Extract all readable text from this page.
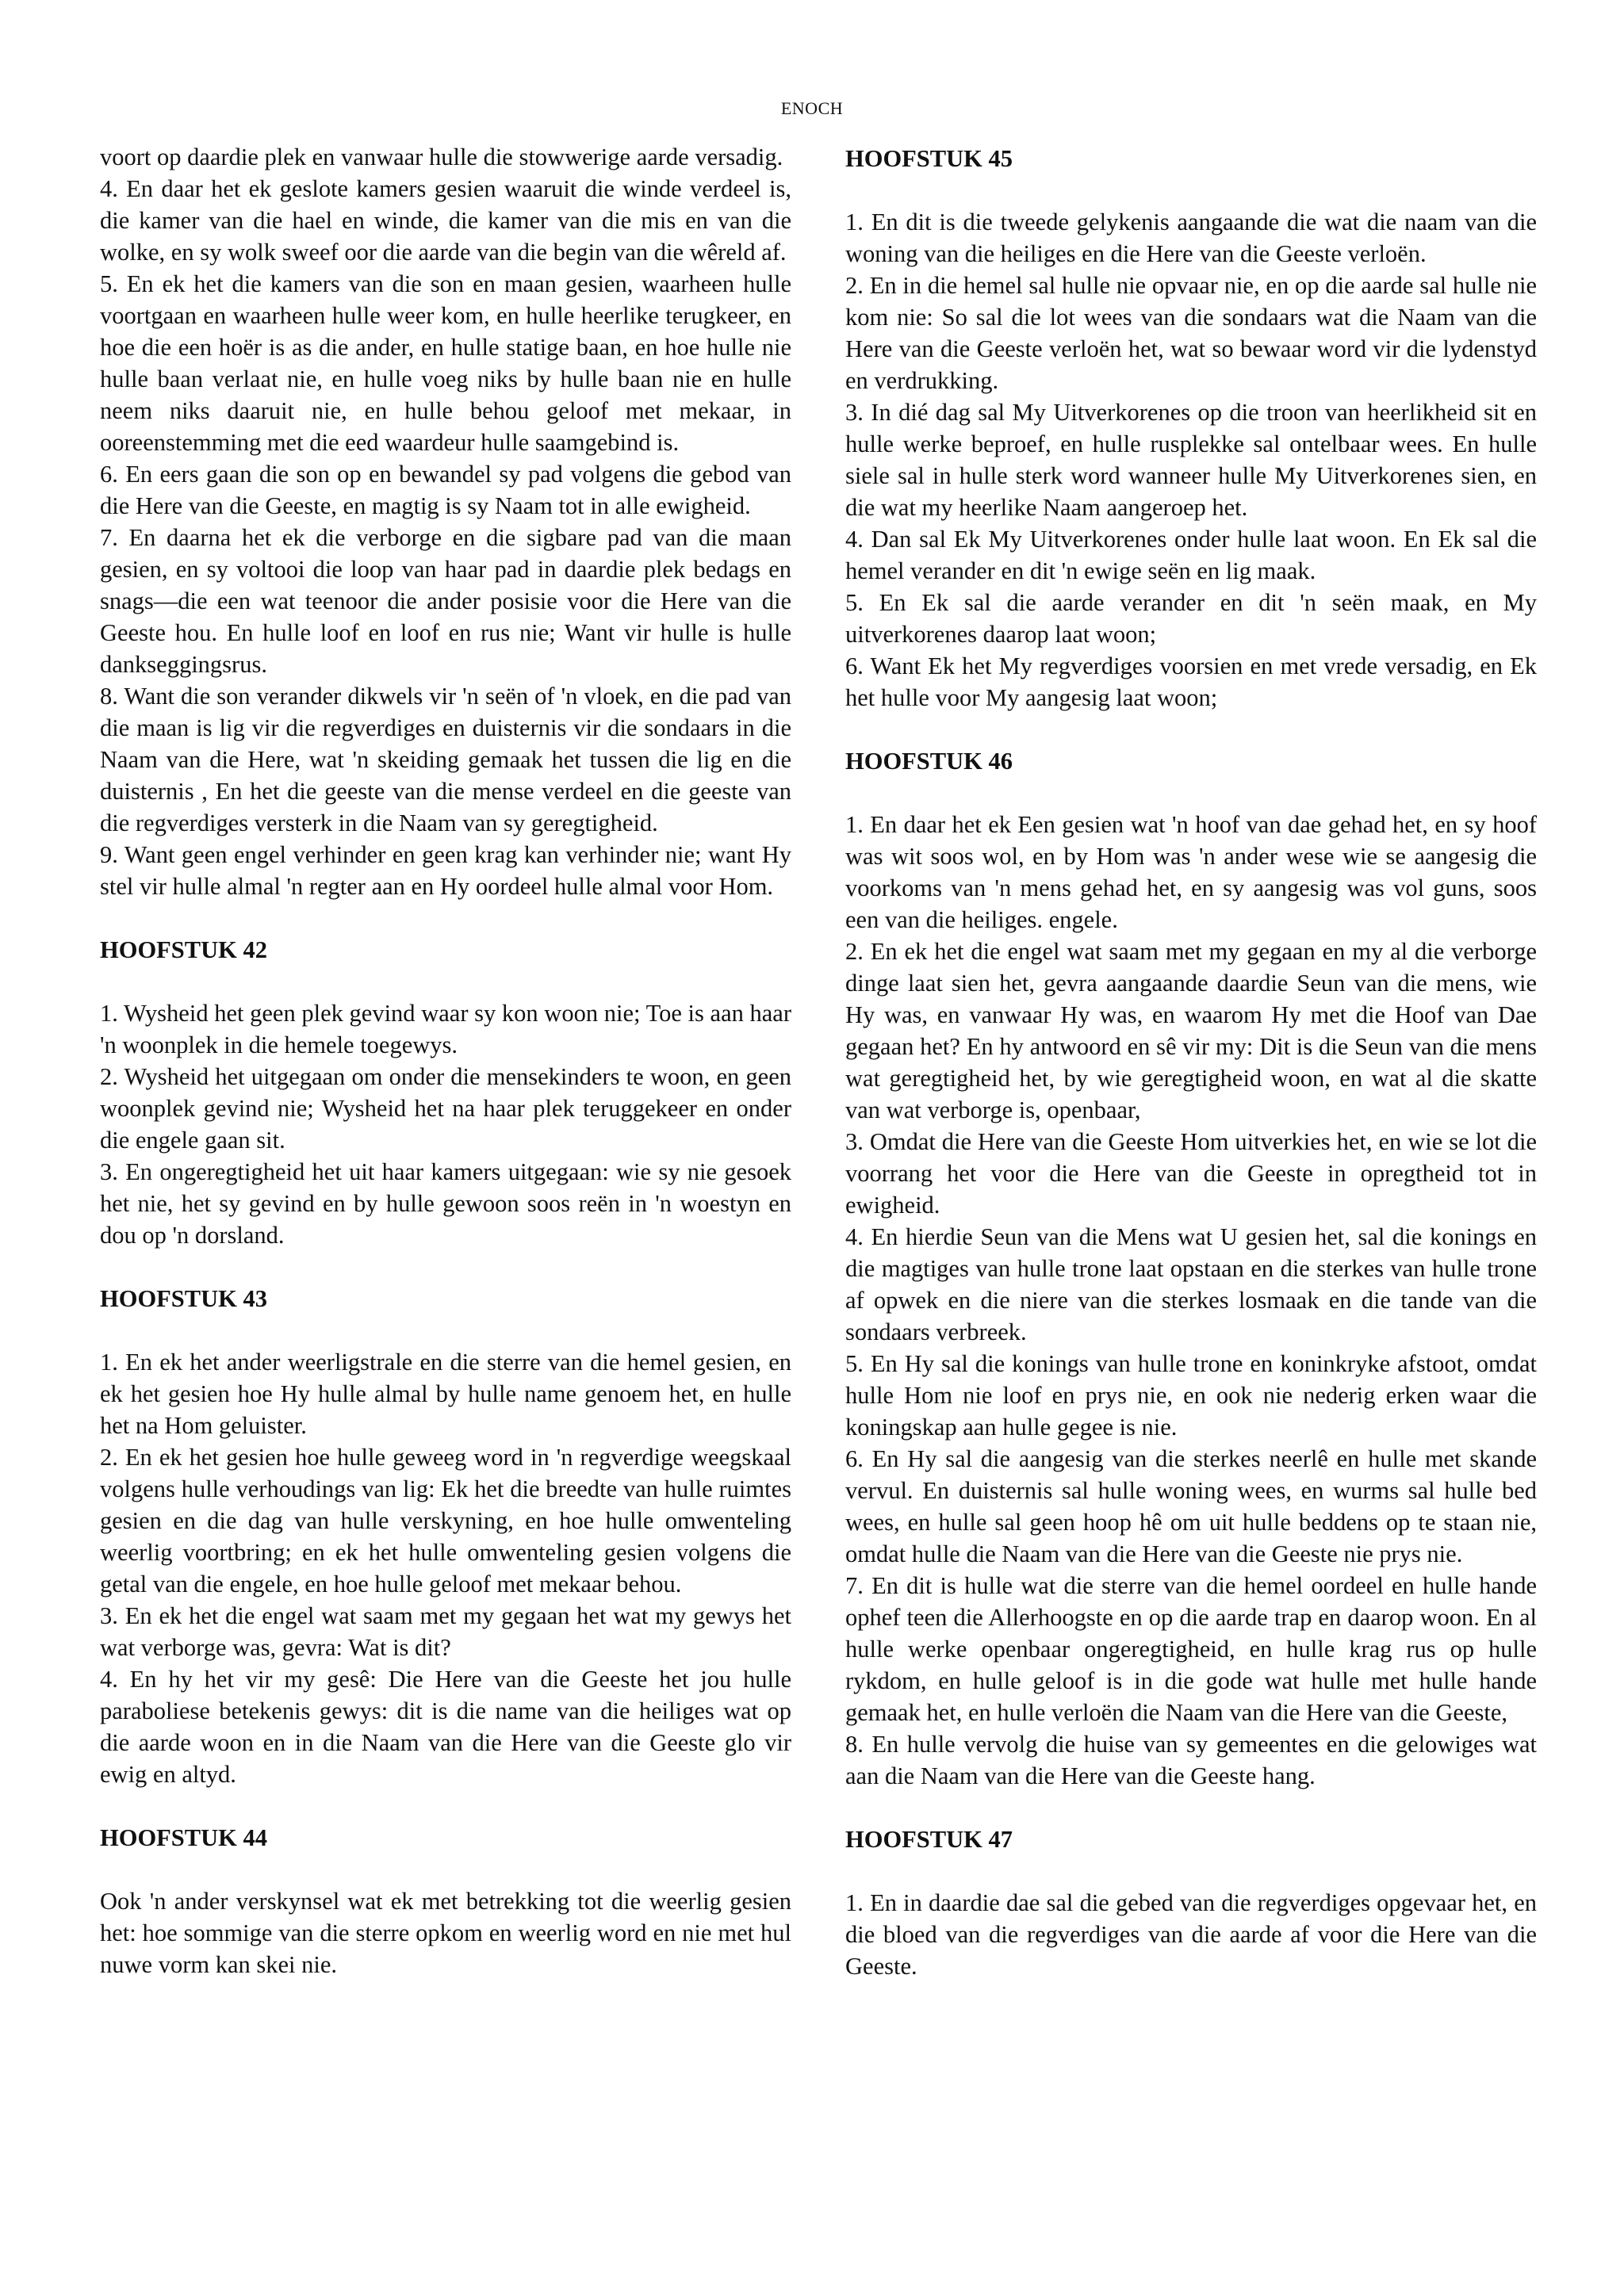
ENOCH

voort op daardie plek en vanwaar hulle die stowwerige aarde versadig.

4. En daar het ek geslote kamers gesien waaruit die winde verdeel is, die kamer van die hael en winde, die kamer van die mis en van die wolke, en sy wolk sweef oor die aarde van die begin van die wêreld af.

5. En ek het die kamers van die son en maan gesien, waarheen hulle voortgaan en waarheen hulle weer kom, en hulle heerlike terugkeer, en hoe die een hoër is as die ander, en hulle statige baan, en hoe hulle nie hulle baan verlaat nie, en hulle voeg niks by hulle baan nie en hulle neem niks daaruit nie, en hulle behou geloof met mekaar, in ooreenstemming met die eed waardeur hulle saamgebind is.

6. En eers gaan die son op en bewandel sy pad volgens die gebod van die Here van die Geeste, en magtig is sy Naam tot in alle ewigheid.

7. En daarna het ek die verborge en die sigbare pad van die maan gesien, en sy voltooi die loop van haar pad in daardie plek bedags en snags—die een wat teenoor die ander posisie voor die Here van die Geeste hou. En hulle loof en loof en rus nie; Want vir hulle is hulle dankseggingsrus.

8. Want die son verander dikwels vir 'n seën of 'n vloek, en die pad van die maan is lig vir die regverdiges en duisternis vir die sondaars in die Naam van die Here, wat 'n skeiding gemaak het tussen die lig en die duisternis , En het die geeste van die mense verdeel en die geeste van die regverdiges versterk in die Naam van sy geregtigheid.

9. Want geen engel verhinder en geen krag kan verhinder nie; want Hy stel vir hulle almal 'n regter aan en Hy oordeel hulle almal voor Hom.

HOOFSTUK 42

1. Wysheid het geen plek gevind waar sy kon woon nie; Toe is aan haar 'n woonplek in die hemele toegewys.

2. Wysheid het uitgegaan om onder die mensekinders te woon, en geen woonplek gevind nie; Wysheid het na haar plek teruggekeer en onder die engele gaan sit.

3. En ongeregtigheid het uit haar kamers uitgegaan: wie sy nie gesoek het nie, het sy gevind en by hulle gewoon soos reën in 'n woestyn en dou op 'n dorsland.

HOOFSTUK 43

1. En ek het ander weerligstrale en die sterre van die hemel gesien, en ek het gesien hoe Hy hulle almal by hulle name genoem het, en hulle het na Hom geluister.

2. En ek het gesien hoe hulle geweeg word in 'n regverdige weegskaal volgens hulle verhoudings van lig: Ek het die breedte van hulle ruimtes gesien en die dag van hulle verskyning, en hoe hulle omwenteling weerlig voortbring; en ek het hulle omwenteling gesien volgens die getal van die engele, en hoe hulle geloof met mekaar behou.

3. En ek het die engel wat saam met my gegaan het wat my gewys het wat verborge was, gevra: Wat is dit?

4. En hy het vir my gesê: Die Here van die Geeste het jou hulle paraboliese betekenis gewys: dit is die name van die heiliges wat op die aarde woon en in die Naam van die Here van die Geeste glo vir ewig en altyd.

HOOFSTUK 44

Ook 'n ander verskynsel wat ek met betrekking tot die weerlig gesien het: hoe sommige van die sterre opkom en weerlig word en nie met hul nuwe vorm kan skei nie.

HOOFSTUK 45

1. En dit is die tweede gelykenis aangaande die wat die naam van die woning van die heiliges en die Here van die Geeste verloën.

2. En in die hemel sal hulle nie opvaar nie, en op die aarde sal hulle nie kom nie: So sal die lot wees van die sondaars wat die Naam van die Here van die Geeste verloën het, wat so bewaar word vir die lydenstyd en verdrukking.

3. In dié dag sal My Uitverkorenes op die troon van heerlikheid sit en hulle werke beproef, en hulle rusplekke sal ontelbaar wees. En hulle siele sal in hulle sterk word wanneer hulle My Uitverkorenes sien, en die wat my heerlike Naam aangeroep het.

4. Dan sal Ek My Uitverkorenes onder hulle laat woon. En Ek sal die hemel verander en dit 'n ewige seën en lig maak.

5. En Ek sal die aarde verander en dit 'n seën maak, en My uitverkorenes daarop laat woon;

6. Want Ek het My regverdiges voorsien en met vrede versadig, en Ek het hulle voor My aangesig laat woon;

HOOFSTUK 46

1. En daar het ek Een gesien wat 'n hoof van dae gehad het, en sy hoof was wit soos wol, en by Hom was 'n ander wese wie se aangesig die voorkoms van 'n mens gehad het, en sy aangesig was vol guns, soos een van die heiliges. engele.

2. En ek het die engel wat saam met my gegaan en my al die verborge dinge laat sien het, gevra aangaande daardie Seun van die mens, wie Hy was, en vanwaar Hy was, en waarom Hy met die Hoof van Dae gegaan het? En hy antwoord en sê vir my: Dit is die Seun van die mens wat geregtigheid het, by wie geregtigheid woon, en wat al die skatte van wat verborge is, openbaar,

3. Omdat die Here van die Geeste Hom uitverkies het, en wie se lot die voorrang het voor die Here van die Geeste in opregtheid tot in ewigheid.

4. En hierdie Seun van die Mens wat U gesien het, sal die konings en die magtiges van hulle trone laat opstaan en die sterkes van hulle trone af opwek en die niere van die sterkes losmaak en die tande van die sondaars verbreek.

5. En Hy sal die konings van hulle trone en koninkryke afstoot, omdat hulle Hom nie loof en prys nie, en ook nie nederig erken waar die koningskap aan hulle gegee is nie.

6. En Hy sal die aangesig van die sterkes neerlê en hulle met skande vervul. En duisternis sal hulle woning wees, en wurms sal hulle bed wees, en hulle sal geen hoop hê om uit hulle beddens op te staan nie, omdat hulle die Naam van die Here van die Geeste nie prys nie.

7. En dit is hulle wat die sterre van die hemel oordeel en hulle hande ophef teen die Allerhoogste en op die aarde trap en daarop woon. En al hulle werke openbaar ongeregtigheid, en hulle krag rus op hulle rykdom, en hulle geloof is in die gode wat hulle met hulle hande gemaak het, en hulle verloën die Naam van die Here van die Geeste,

8. En hulle vervolg die huise van sy gemeentes en die gelowiges wat aan die Naam van die Here van die Geeste hang.

HOOFSTUK 47

1. En in daardie dae sal die gebed van die regverdiges opgevaar het, en die bloed van die regverdiges van die aarde af voor die Here van die Geeste.
